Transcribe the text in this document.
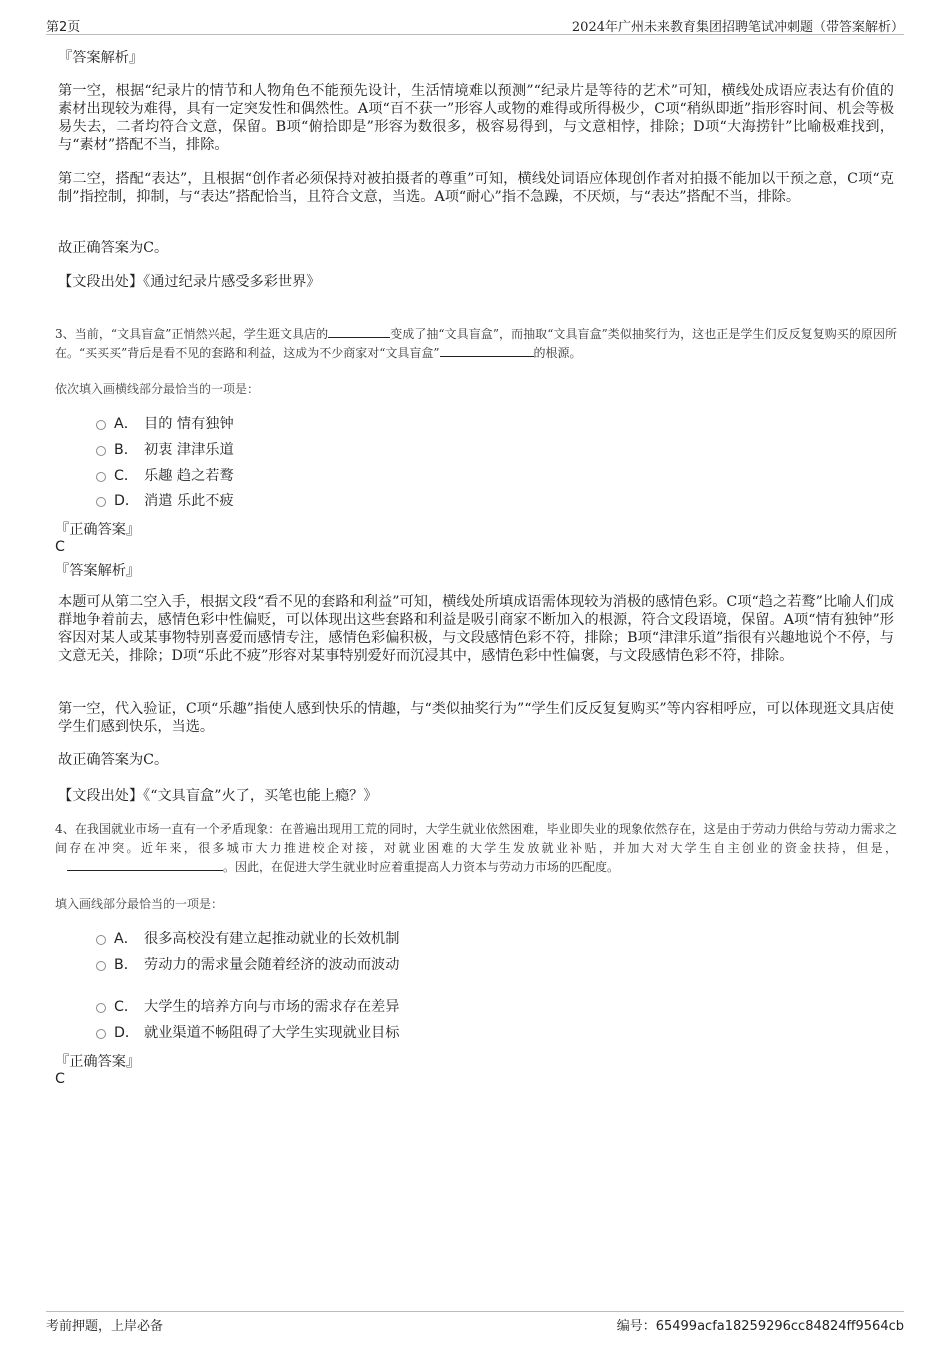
第2页	2024年广州未来教育集团招聘笔试冲刺题（带答案解析）
『答案解析』
第一空，根据“纪录片的情节和人物角色不能预先设计，生活情境难以预测”“纪录片是等待的艺术”可知，横线处成语应表达有价值的素材出现较为难得，具有一定突发性和偶然性。A项“百不获一”形容人或物的难得或所得极少，C项“稍纵即逝”指形容时间、机会等极易失去，二者均符合文意，保留。B项“俯拾即是”形容为数很多，极容易得到，与文意相悖，排除；D项“大海捞针”比喻极难找到，与“素材”搭配不当，排除。
第二空，搭配“表达”，且根据“创作者必须保持对被拍摄者的尊重”可知，横线处词语应体现创作者对拍摄不能加以干预之意，C项“克制”指控制，抑制，与“表达”搭配恰当，且符合文意，当选。A项“耐心”指不急躁，不厌烦，与“表达”搭配不当，排除。
故正确答案为C。
【文段出处】《通过纪录片感受多彩世界》
3、当前，“文具盲盒”正悄然兴起，学生逛文具店的	变成了抽“文具盲盒”，而抽取“文具盲盒”类似抽奖行为，这也正是学生们反反复复购买的原因所在。“买买买”背后是看不见的套路和利益，这成为不少商家对“文具盲盒”	的根源。
依次填入画横线部分最恰当的一项是：
A． 目的 情有独钟
B． 初衷 津津乐道
C． 乐趣 趋之若鹜
D． 消遣 乐此不疲
『正确答案』
C
『答案解析』
本题可从第二空入手，根据文段“看不见的套路和利益”可知，横线处所填成语需体现较为消极的感情色彩。C项“趋之若鹜”比喻人们成群地争着前去，感情色彩中性偏贬，可以体现出这些套路和利益是吸引商家不断加入的根源，符合文段语境，保留。A项“情有独钟”形容因对某人或某事物特别喜爱而感情专注，感情色彩偏积极，与文段感情色彩不符，排除；B项“津津乐道”指很有兴趣地说个不停，与文意无关，排除；D项“乐此不疲”形容对某事特别爱好而沉浸其中，感情色彩中性偏褒，与文段感情色彩不符，排除。
第一空，代入验证，C项“乐趣”指使人感到快乐的情趣，与“类似抽奖行为”“学生们反反复复购买”等内容相呼应，可以体现逛文具店使学生们感到快乐，当选。
故正确答案为C。
【文段出处】《“文具盲盒”火了，买笔也能上瘾？》
4、在我国就业市场一直有一个矛盾现象：在普遍出现用工荒的同时，大学生就业依然困难，毕业即失业的现象依然存在，这是由于劳动力供给与劳动力需求之间存在冲突。近年来，很多城市大力推进校企对接，对就业困难的大学生发放就业补贴，并加大对大学生自主创业的资金扶持，但是，。因此，在促进大学生就业时应着重提高人力资本与劳动力市场的匹配度。
填入画线部分最恰当的一项是：
A． 很多高校没有建立起推动就业的长效机制
B． 劳动力的需求量会随着经济的波动而波动
C． 大学生的培养方向与市场的需求存在差异
D． 就业渠道不畅阻碍了大学生实现就业目标
『正确答案』
C
考前押题，上岸必备	编号：65499acfa18259296cc84824ff9564cb
